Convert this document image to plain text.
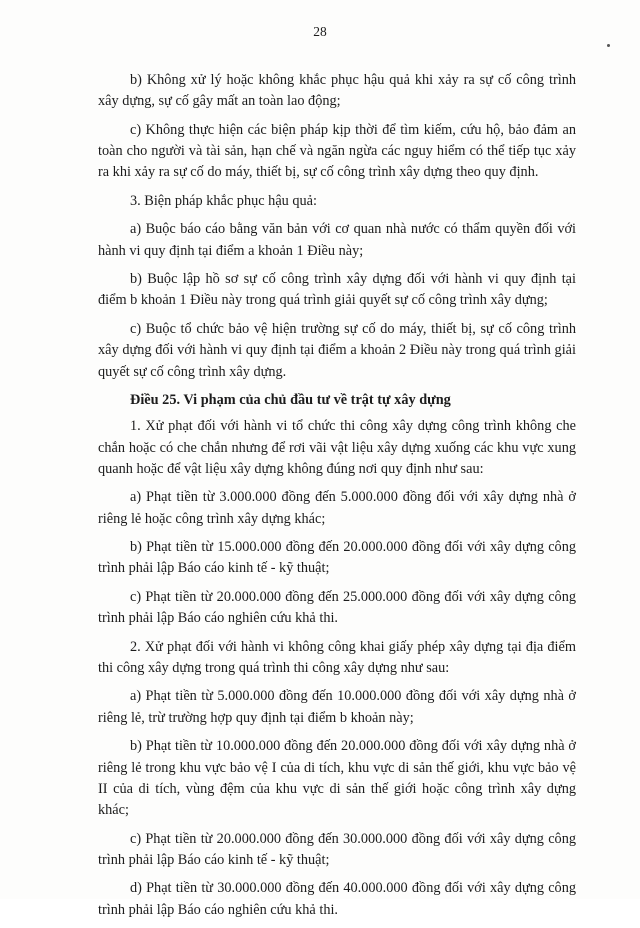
28

b) Không xử lý hoặc không khắc phục hậu quả khi xảy ra sự cố công trình xây dựng, sự cố gây mất an toàn lao động;

c) Không thực hiện các biện pháp kịp thời để tìm kiếm, cứu hộ, bảo đảm an toàn cho người và tài sản, hạn chế và ngăn ngừa các nguy hiểm có thể tiếp tục xảy ra khi xảy ra sự cố do máy, thiết bị, sự cố công trình xây dựng theo quy định.

3. Biện pháp khắc phục hậu quả:

a) Buộc báo cáo bằng văn bản với cơ quan nhà nước có thẩm quyền đối với hành vi quy định tại điểm a khoản 1 Điều này;

b) Buộc lập hồ sơ sự cố công trình xây dựng đối với hành vi quy định tại điểm b khoản 1 Điều này trong quá trình giải quyết sự cố công trình xây dựng;

c) Buộc tổ chức bảo vệ hiện trường sự cố do máy, thiết bị, sự cố công trình xây dựng đối với hành vi quy định tại điểm a khoản 2 Điều này trong quá trình giải quyết sự cố công trình xây dựng.

Điều 25. Vi phạm của chủ đầu tư về trật tự xây dựng

1. Xử phạt đối với hành vi tổ chức thi công xây dựng công trình không che chắn hoặc có che chắn nhưng để rơi vãi vật liệu xây dựng xuống các khu vực xung quanh hoặc để vật liệu xây dựng không đúng nơi quy định như sau:

a) Phạt tiền từ 3.000.000 đồng đến 5.000.000 đồng đối với xây dựng nhà ở riêng lẻ hoặc công trình xây dựng khác;

b) Phạt tiền từ 15.000.000 đồng đến 20.000.000 đồng đối với xây dựng công trình phải lập Báo cáo kinh tế - kỹ thuật;

c) Phạt tiền từ 20.000.000 đồng đến 25.000.000 đồng đối với xây dựng công trình phải lập Báo cáo nghiên cứu khả thi.

2. Xử phạt đối với hành vi không công khai giấy phép xây dựng tại địa điểm thi công xây dựng trong quá trình thi công xây dựng như sau:

a) Phạt tiền từ 5.000.000 đồng đến 10.000.000 đồng đối với xây dựng nhà ở riêng lẻ, trừ trường hợp quy định tại điểm b khoản này;

b) Phạt tiền từ 10.000.000 đồng đến 20.000.000 đồng đối với xây dựng nhà ở riêng lẻ trong khu vực bảo vệ I của di tích, khu vực di sản thế giới, khu vực bảo vệ II của di tích, vùng đệm của khu vực di sản thế giới hoặc công trình xây dựng khác;

c) Phạt tiền từ 20.000.000 đồng đến 30.000.000 đồng đối với xây dựng công trình phải lập Báo cáo kinh tế - kỹ thuật;

d) Phạt tiền từ 30.000.000 đồng đến 40.000.000 đồng đối với xây dựng công trình phải lập Báo cáo nghiên cứu khả thi.
